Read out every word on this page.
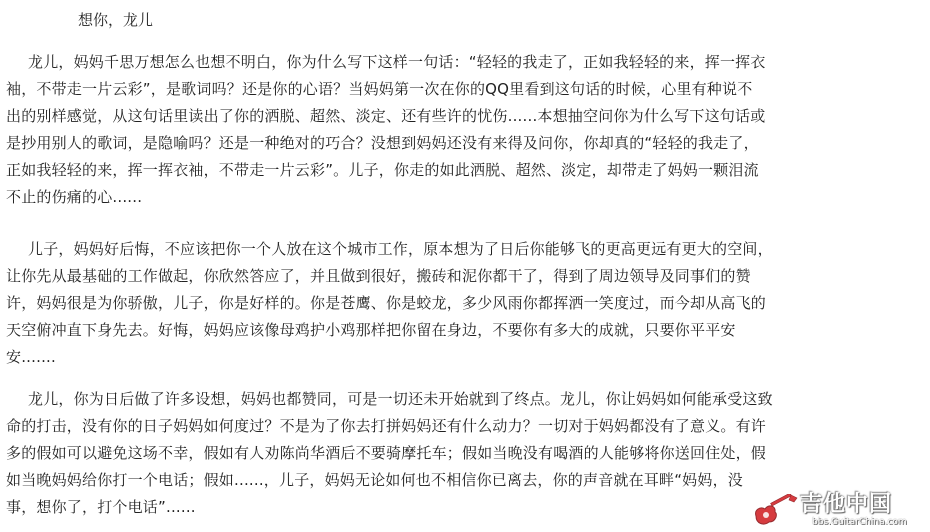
想你，龙儿
龙儿，妈妈千思万想怎么也想不明白，你为什么写下这样一句话：“轻轻的我走了，正如我轻轻的来，挥一挥衣
袖，不带走一片云彩”，是歌词吗？还是你的心语？当妈妈第一次在你的QQ里看到这句话的时候，心里有种说不
出的别样感觉，从这句话里读出了你的洒脱、超然、淡定、还有些许的忧伤......本想抽空问你为什么写下这句话或
是抄用别人的歌词，是隐喻吗？还是一种绝对的巧合？没想到妈妈还没有来得及问你，你却真的“轻轻的我走了，
正如我轻轻的来，挥一挥衣袖，不带走一片云彩”。儿子，你走的如此洒脱、超然、淡定，却带走了妈妈一颗泪流
不止的伤痛的心......
儿子，妈妈好后悔，不应该把你一个人放在这个城市工作，原本想为了日后你能够飞的更高更远有更大的空间，
让你先从最基础的工作做起，你欣然答应了，并且做到很好，搬砖和泥你都干了，得到了周边领导及同事们的赞
许，妈妈很是为你骄傲，儿子，你是好样的。你是苍鹰、你是蛟龙，多少风雨你都挥洒一笑度过，而今却从高飞的
天空俯冲直下身先去。好悔，妈妈应该像母鸡护小鸡那样把你留在身边，不要你有多大的成就，只要你平平安
安.......
龙儿，你为日后做了许多设想，妈妈也都赞同，可是一切还未开始就到了终点。龙儿，你让妈妈如何能承受这致
命的打击，没有你的日子妈妈如何度过？不是为了你去打拼妈妈还有什么动力？一切对于妈妈都没有了意义。有许
多的假如可以避免这场不幸，假如有人劝陈尚华酒后不要骑摩托车；假如当晚没有喝酒的人能够将你送回住处，假
如当晚妈妈给你打一个电话；假如......，儿子，妈妈无论如何也不相信你已离去，你的声音就在耳畔“妈妈，没
事，想你了，打个电话”......	吉他中国
bbs.GuitarChina.com
